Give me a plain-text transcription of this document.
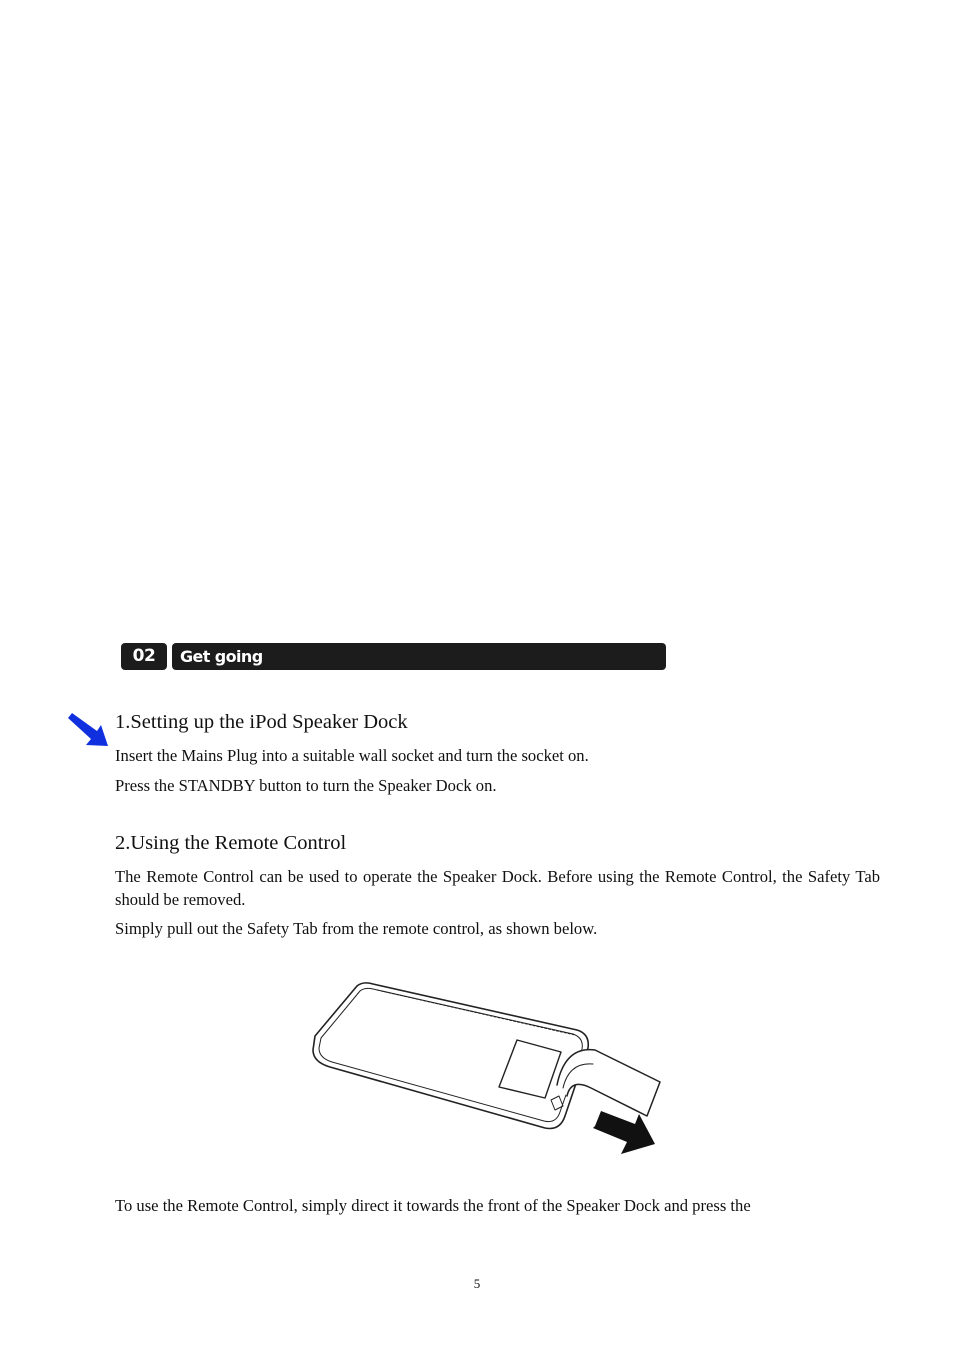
02	Get going
1.Setting up the iPod Speaker Dock
Insert the Mains Plug into a suitable wall socket and turn the socket on.
Press the STANDBY button to turn the Speaker Dock on.
2.Using the Remote Control
The Remote Control can be used to operate the Speaker Dock. Before using the Remote Control, the Safety Tab should be removed.
Simply pull out the Safety Tab from the remote control, as shown below.
To use the Remote Control, simply direct it towards the front of the Speaker Dock and press the
5
